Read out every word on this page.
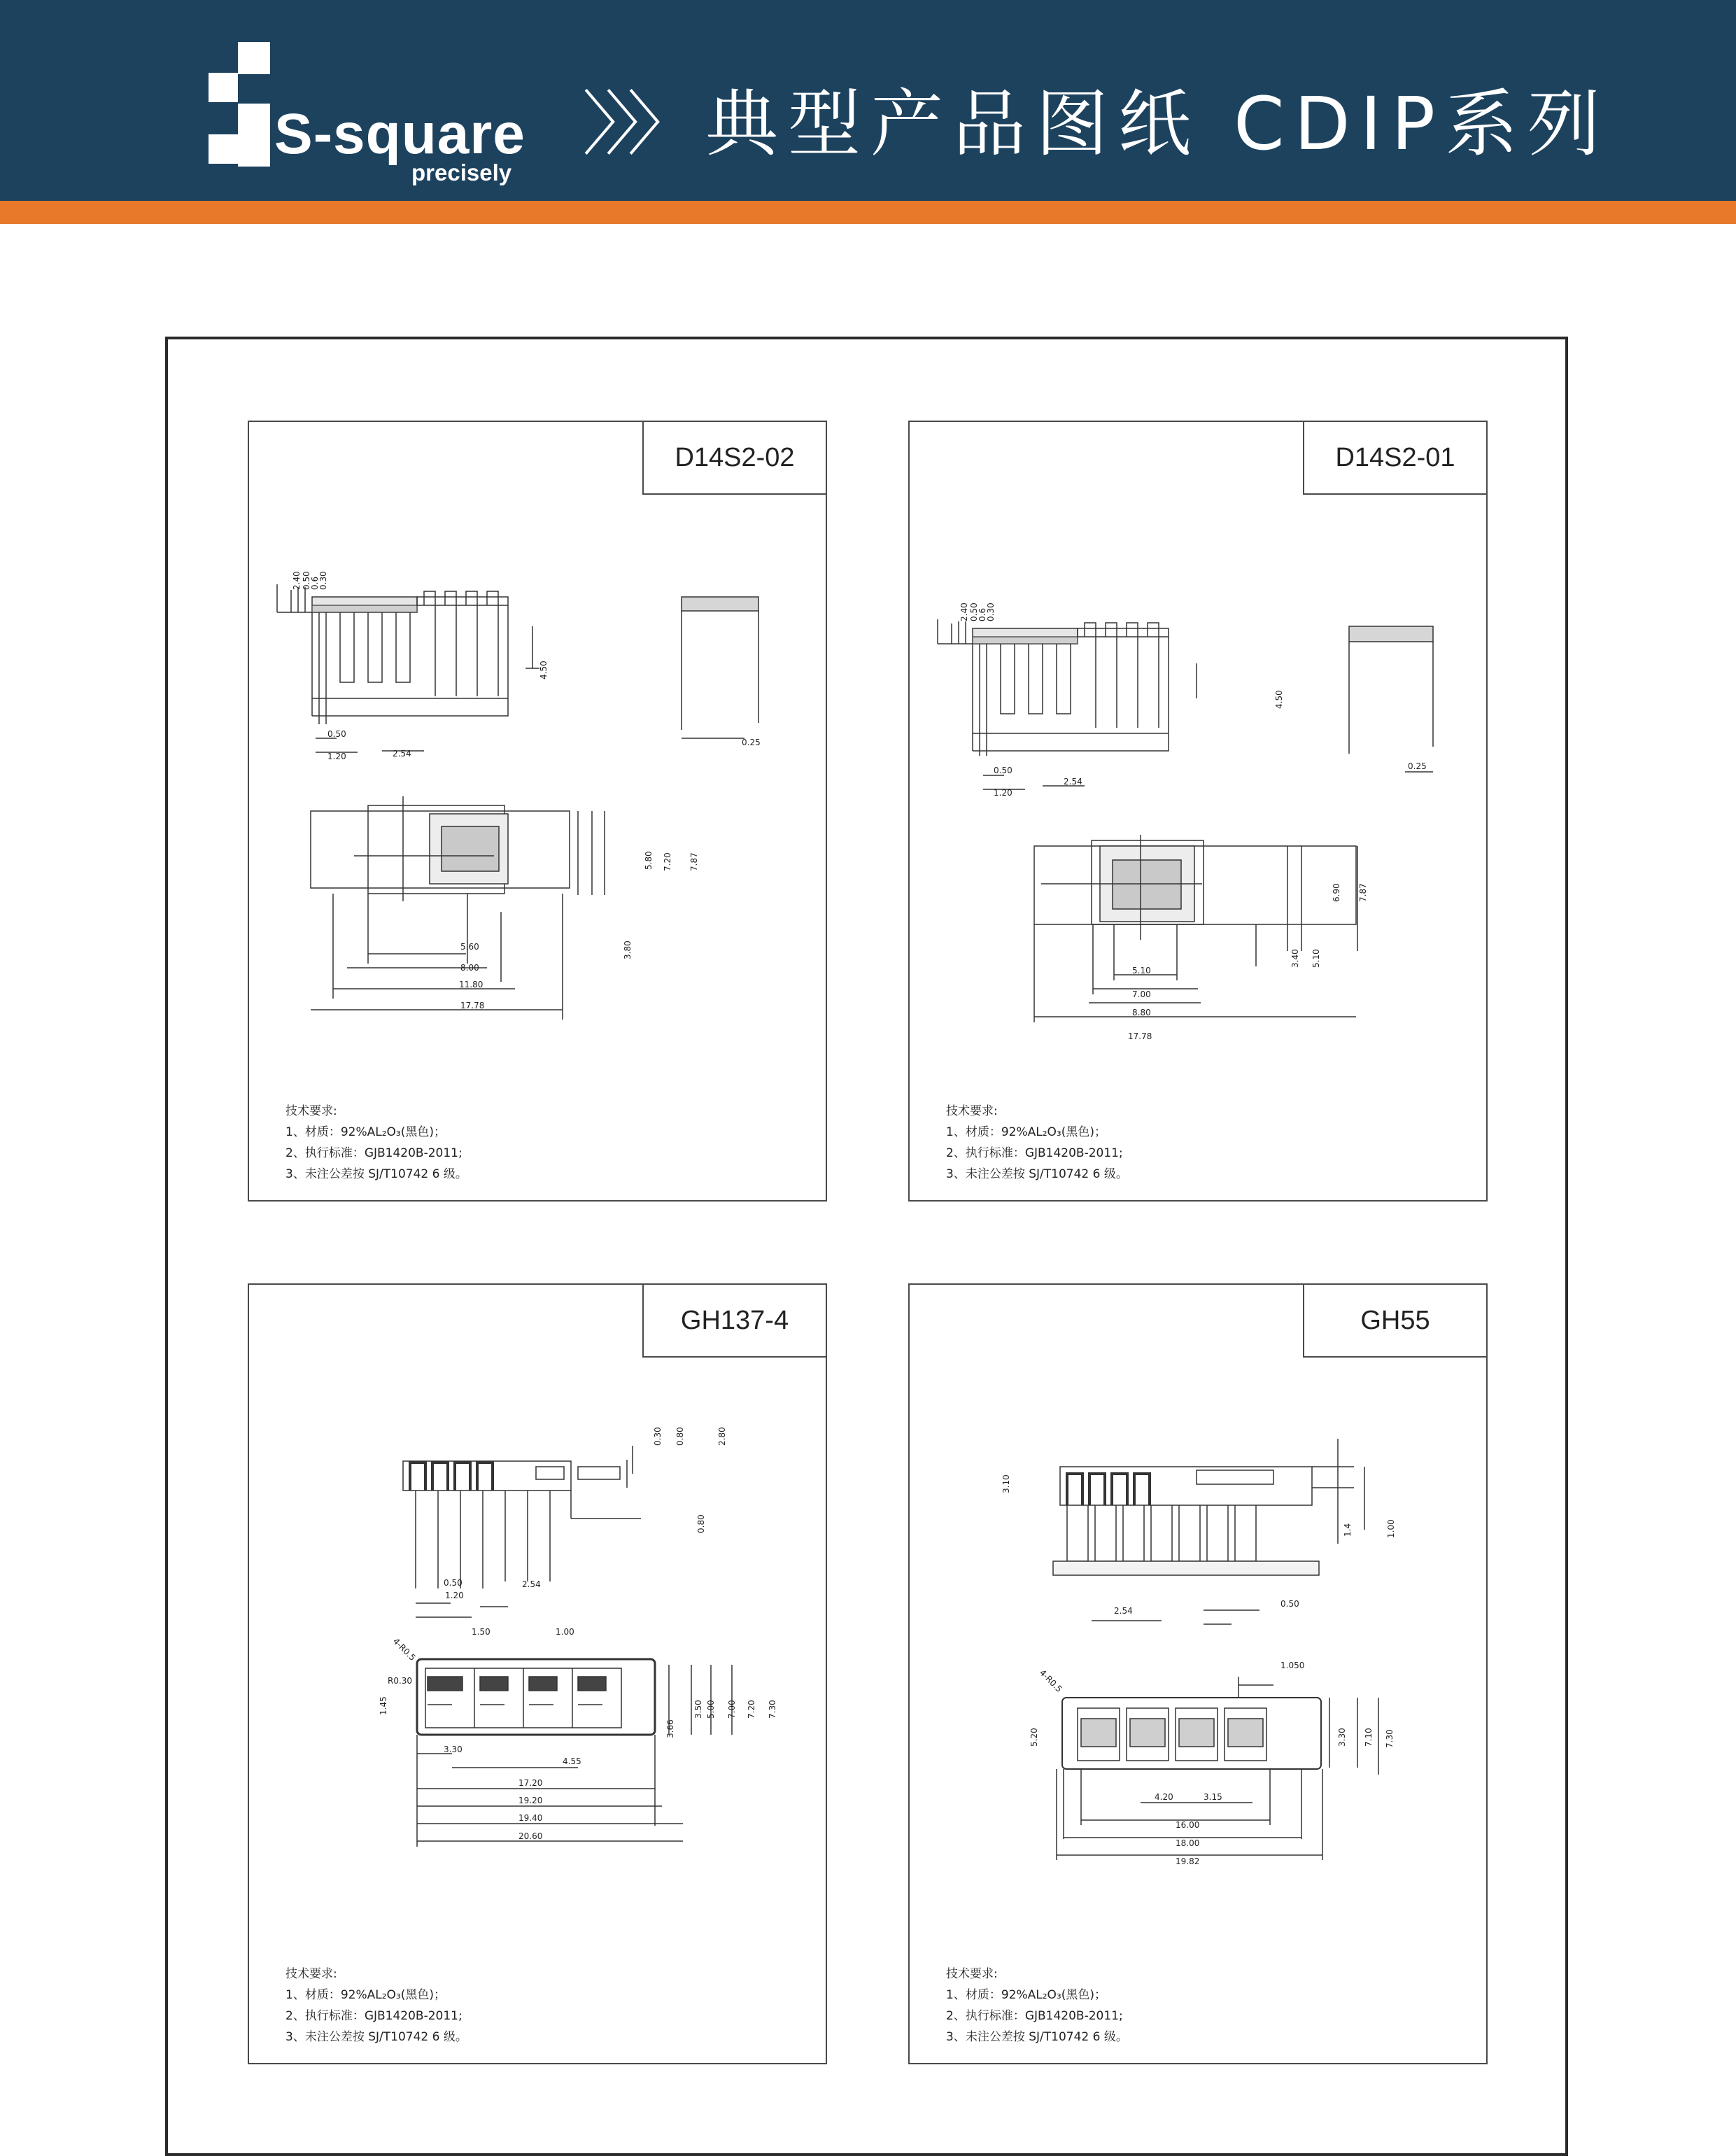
S-square
precisely
〉〉〉 典型产品图纸 CDIP系列
D14S2-02
2.40 0.50
0.6
0.30
4.50
0.50
1.20	2.54
0.25
5.80 7.20 7.87
5.60
8.00
11.80
17.78
3.80
技术要求:
1、材质：92%AL₂O₃(黑色)；
2、执行标准：GJB1420B-2011;
3、未注公差按 SJ/T10742 6 级。
D14S2-01
2.40 0.50
0.6
0.30
4.50
0.50
1.20
2.54
0.25
6.90 7.87
3.40 5.10
5.10
7.00
8.80
17.78
技术要求:
1、材质：92%AL₂O₃(黑色)；
2、执行标准：GJB1420B-2011;
3、未注公差按 SJ/T10742 6 级。
GH137-4
0.30 0.80	2.80
0.80
0.50
1.20
2.54
4-R0.5
1.50	1.00
R0.30
1.45	3.50 5.00 7.00 7.20 7.30
3.66
3.30
4.55
17.20
19.20
19.40
20.60
技术要求:
1、材质：92%AL₂O₃(黑色)；
2、执行标准：GJB1420B-2011;
3、未注公差按 SJ/T10742 6 级。
GH55
3.10
1.4	1.00
2.54
0.50
4-R0.5
1.050
5.20	3.30 7.10 7.30
4.20	3.15
16.00
18.00
19.82
技术要求:
1、材质：92%AL₂O₃(黑色)；
2、执行标准：GJB1420B-2011;
3、未注公差按 SJ/T10742 6 级。
